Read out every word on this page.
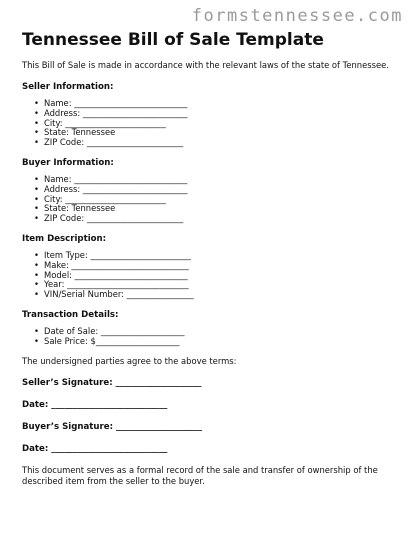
formstennessee.com
Tennessee Bill of Sale Template

This Bill of Sale is made in accordance with the relevant laws of the state of Tennessee.

Seller Information:
• Name: ___________________________
• Address: _________________________
• City: ________________________
• State: Tennessee
• ZIP Code: _______________________
Buyer Information:
• Name: ___________________________
• Address: _________________________
• City: ________________________
• State: Tennessee
• ZIP Code: _______________________
Item Description:
• Item Type: ________________________
• Make: ____________________________
• Model: ___________________________
• Year: _____________________________
• VIN/Serial Number: ________________
Transaction Details:
• Date of Sale: ____________________
• Sale Price: $____________________

The undersigned parties agree to the above terms:

Seller’s Signature: ____________________
Date: ___________________________
Buyer’s Signature: ____________________
Date: ___________________________

This document serves as a formal record of the sale and transfer of ownership of the described item from the seller to the buyer.
